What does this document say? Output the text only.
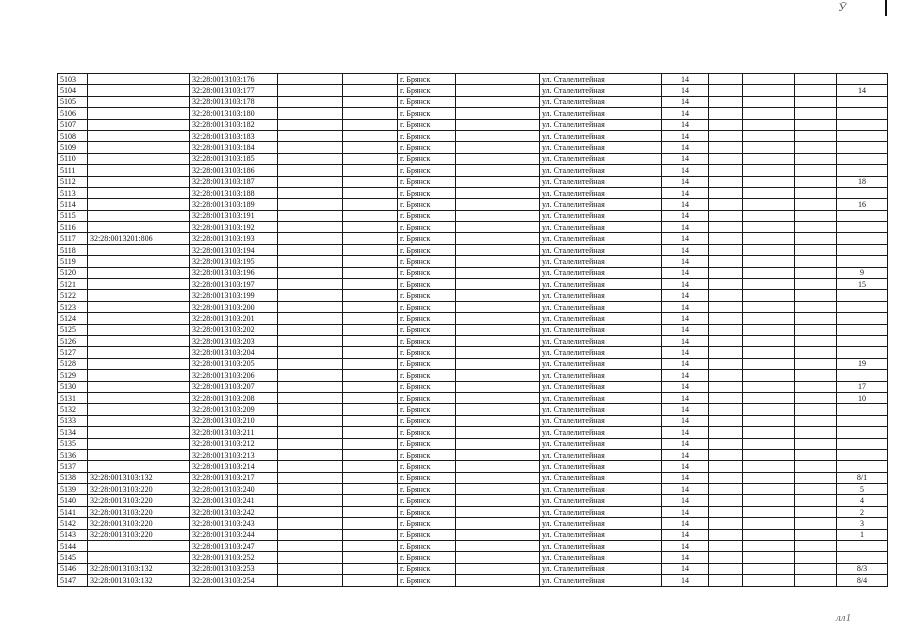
Ӯ
5103		32:28:0013103:176			г. Брянск		ул. Сталелитейная	14				
5104		32:28:0013103:177			г. Брянск		ул. Сталелитейная	14				14
5105		32:28:0013103:178			г. Брянск		ул. Сталелитейная	14				
5106		32:28:0013103:180			г. Брянск		ул. Сталелитейная	14				
5107		32:28:0013103:182			г. Брянск		ул. Сталелитейная	14				
5108		32:28:0013103:183			г. Брянск		ул. Сталелитейная	14				
5109		32:28:0013103:184			г. Брянск		ул. Сталелитейная	14				
5110		32:28:0013103:185			г. Брянск		ул. Сталелитейная	14				
5111		32:28:0013103:186			г. Брянск		ул. Сталелитейная	14				
5112		32:28:0013103:187			г. Брянск		ул. Сталелитейная	14				18
5113		32:28:0013103:188			г. Брянск		ул. Сталелитейная	14				
5114		32:28:0013103:189			г. Брянск		ул. Сталелитейная	14				16
5115		32:28:0013103:191			г. Брянск		ул. Сталелитейная	14				
5116		32:28:0013103:192			г. Брянск		ул. Сталелитейная	14				
5117	32:28:0013201:806	32:28:0013103:193			г. Брянск		ул. Сталелитейная	14				
5118		32:28:0013103:194			г. Брянск		ул. Сталелитейная	14				
5119		32:28:0013103:195			г. Брянск		ул. Сталелитейная	14				
5120		32:28:0013103:196			г. Брянск		ул. Сталелитейная	14				9
5121		32:28:0013103:197			г. Брянск		ул. Сталелитейная	14				15
5122		32:28:0013103:199			г. Брянск		ул. Сталелитейная	14				
5123		32:28:0013103:200			г. Брянск		ул. Сталелитейная	14				
5124		32:28:0013103:201			г. Брянск		ул. Сталелитейная	14				
5125		32:28:0013103:202			г. Брянск		ул. Сталелитейная	14				
5126		32:28:0013103:203			г. Брянск		ул. Сталелитейная	14				
5127		32:28:0013103:204			г. Брянск		ул. Сталелитейная	14				
5128		32:28:0013103:205			г. Брянск		ул. Сталелитейная	14				19
5129		32:28:0013103:206			г. Брянск		ул. Сталелитейная	14				
5130		32:28:0013103:207			г. Брянск		ул. Сталелитейная	14				17
5131		32:28:0013103:208			г. Брянск		ул. Сталелитейная	14				10
5132		32:28:0013103:209			г. Брянск		ул. Сталелитейная	14				
5133		32:28:0013103:210			г. Брянск		ул. Сталелитейная	14				
5134		32:28:0013103:211			г. Брянск		ул. Сталелитейная	14				
5135		32:28:0013103:212			г. Брянск		ул. Сталелитейная	14				
5136		32:28:0013103:213			г. Брянск		ул. Сталелитейная	14				
5137		32:28:0013103:214			г. Брянск		ул. Сталелитейная	14				
5138	32:28:0013103:132	32:28:0013103:217			г. Брянск		ул. Сталелитейная	14				8/1
5139	32:28:0013103:220	32:28:0013103:240			г. Брянск		ул. Сталелитейная	14				5
5140	32:28:0013103:220	32:28:0013103:241			г. Брянск		ул. Сталелитейная	14				4
5141	32:28:0013103:220	32:28:0013103:242			г. Брянск		ул. Сталелитейная	14				2
5142	32:28:0013103:220	32:28:0013103:243			г. Брянск		ул. Сталелитейная	14				3
5143	32:28:0013103:220	32:28:0013103:244			г. Брянск		ул. Сталелитейная	14				1
5144		32:28:0013103:247			г. Брянск		ул. Сталелитейная	14				
5145		32:28:0013103:252			г. Брянск		ул. Сталелитейная	14				
5146	32:28:0013103:132	32:28:0013103:253			г. Брянск		ул. Сталелитейная	14				8/3
5147	32:28:0013103:132	32:28:0013103:254			г. Брянск		ул. Сталелитейная	14				8/4
лл1
